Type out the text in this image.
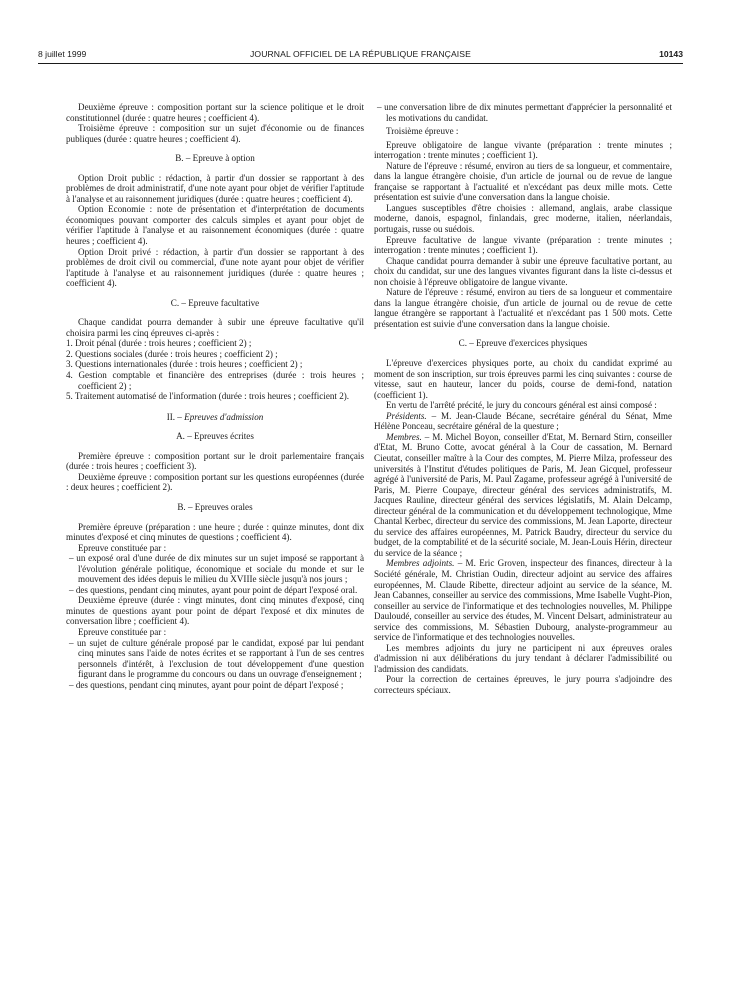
8 juillet 1999	JOURNAL OFFICIEL DE LA RÉPUBLIQUE FRANÇAISE	10143

Deuxième épreuve : composition portant sur la science politique et le droit constitutionnel (durée : quatre heures ; coefficient 4).

Troisième épreuve : composition sur un sujet d'économie ou de finances publiques (durée : quatre heures ; coefficient 4).

B. – Epreuve à option

Option Droit public : rédaction, à partir d'un dossier se rapportant à des problèmes de droit administratif, d'une note ayant pour objet de vérifier l'aptitude à l'analyse et au raisonnement juridiques (durée : quatre heures ; coefficient 4).

Option Economie : note de présentation et d'interprétation de documents économiques pouvant comporter des calculs simples et ayant pour objet de vérifier l'aptitude à l'analyse et au raisonnement économiques (durée : quatre heures ; coefficient 4).

Option Droit privé : rédaction, à partir d'un dossier se rapportant à des problèmes de droit civil ou commercial, d'une note ayant pour objet de vérifier l'aptitude à l'analyse et au raisonnement juridiques (durée : quatre heures ; coefficient 4).

C. – Epreuve facultative

Chaque candidat pourra demander à subir une épreuve facultative qu'il choisira parmi les cinq épreuves ci-après :

1. Droit pénal (durée : trois heures ; coefficient 2) ;

2. Questions sociales (durée : trois heures ; coefficient 2) ;

3. Questions internationales (durée : trois heures ; coefficient 2) ;

4. Gestion comptable et financière des entreprises (durée : trois heures ; coefficient 2) ;

5. Traitement automatisé de l'information (durée : trois heures ; coefficient 2).

II. – Epreuves d'admission

A. – Epreuves écrites

Première épreuve : composition portant sur le droit parlementaire français (durée : trois heures ; coefficient 3).

Deuxième épreuve : composition portant sur les questions européennes (durée : deux heures ; coefficient 2).

B. – Epreuves orales

Première épreuve (préparation : une heure ; durée : quinze minutes, dont dix minutes d'exposé et cinq minutes de questions ; coefficient 4).

Epreuve constituée par :

– un exposé oral d'une durée de dix minutes sur un sujet imposé se rapportant à l'évolution générale politique, économique et sociale du monde et sur le mouvement des idées depuis le milieu du XVIIIe siècle jusqu'à nos jours ;

– des questions, pendant cinq minutes, ayant pour point de départ l'exposé oral.

Deuxième épreuve (durée : vingt minutes, dont cinq minutes d'exposé, cinq minutes de questions ayant pour point de départ l'exposé et dix minutes de conversation libre ; coefficient 4).

Epreuve constituée par :

– un sujet de culture générale proposé par le candidat, exposé par lui pendant cinq minutes sans l'aide de notes écrites et se rapportant à l'un de ses centres personnels d'intérêt, à l'exclusion de tout développement d'une question figurant dans le programme du concours ou dans un ouvrage d'enseignement ;

– des questions, pendant cinq minutes, ayant pour point de départ l'exposé ;

– une conversation libre de dix minutes permettant d'apprécier la personnalité et les motivations du candidat.

Troisième épreuve :

Epreuve obligatoire de langue vivante (préparation : trente minutes ; interrogation : trente minutes ; coefficient 1).

Nature de l'épreuve : résumé, environ au tiers de sa longueur, et commentaire, dans la langue étrangère choisie, d'un article de journal ou de revue de langue française se rapportant à l'actualité et n'excédant pas deux mille mots. Cette présentation est suivie d'une conversation dans la langue choisie.

Langues susceptibles d'être choisies : allemand, anglais, arabe classique moderne, danois, espagnol, finlandais, grec moderne, italien, néerlandais, portugais, russe ou suédois.

Epreuve facultative de langue vivante (préparation : trente minutes ; interrogation : trente minutes ; coefficient 1).

Chaque candidat pourra demander à subir une épreuve facultative portant, au choix du candidat, sur une des langues vivantes figurant dans la liste ci-dessus et non choisie à l'épreuve obligatoire de langue vivante.

Nature de l'épreuve : résumé, environ au tiers de sa longueur et commentaire dans la langue étrangère choisie, d'un article de journal ou de revue de cette langue étrangère se rapportant à l'actualité et n'excédant pas 1 500 mots. Cette présentation est suivie d'une conversation dans la langue choisie.

C. – Epreuve d'exercices physiques

L'épreuve d'exercices physiques porte, au choix du candidat exprimé au moment de son inscription, sur trois épreuves parmi les cinq suivantes : course de vitesse, saut en hauteur, lancer du poids, course de demi-fond, natation (coefficient 1).

En vertu de l'arrêté précité, le jury du concours général est ainsi composé :

Présidents. – M. Jean-Claude Bécane, secrétaire général du Sénat, Mme Hélène Ponceau, secrétaire général de la questure ;

Membres. – M. Michel Boyon, conseiller d'Etat, M. Bernard Stirn, conseiller d'Etat, M. Bruno Cotte, avocat général à la Cour de cassation, M. Bernard Cieutat, conseiller maître à la Cour des comptes, M. Pierre Milza, professeur des universités à l'Institut d'études politiques de Paris, M. Jean Gicquel, professeur agrégé à l'université de Paris, M. Paul Zagame, professeur agrégé à l'université de Paris, M. Pierre Coupaye, directeur général des services administratifs, M. Jacques Rauline, directeur général des services législatifs, M. Alain Delcamp, directeur général de la communication et du développement technologique, Mme Chantal Kerbec, directeur du service des commissions, M. Jean Laporte, directeur du service des affaires européennes, M. Patrick Baudry, directeur du service du budget, de la comptabilité et de la sécurité sociale, M. Jean-Louis Hérin, directeur du service de la séance ;

Membres adjoints. – M. Eric Groven, inspecteur des finances, directeur à la Société générale, M. Christian Oudin, directeur adjoint au service des affaires européennes, M. Claude Ribette, directeur adjoint au service de la séance, M. Jean Cabannes, conseiller au service des commissions, Mme Isabelle Vught-Pion, conseiller au service de l'informatique et des technologies nouvelles, M. Philippe Dauloudé, conseiller au service des études, M. Vincent Delsart, administrateur au service des commissions, M. Sébastien Dubourg, analyste-programmeur au service de l'informatique et des technologies nouvelles.

Les membres adjoints du jury ne participent ni aux épreuves orales d'admission ni aux délibérations du jury tendant à déclarer l'admissibilité ou l'admission des candidats.

Pour la correction de certaines épreuves, le jury pourra s'adjoindre des correcteurs spéciaux.
